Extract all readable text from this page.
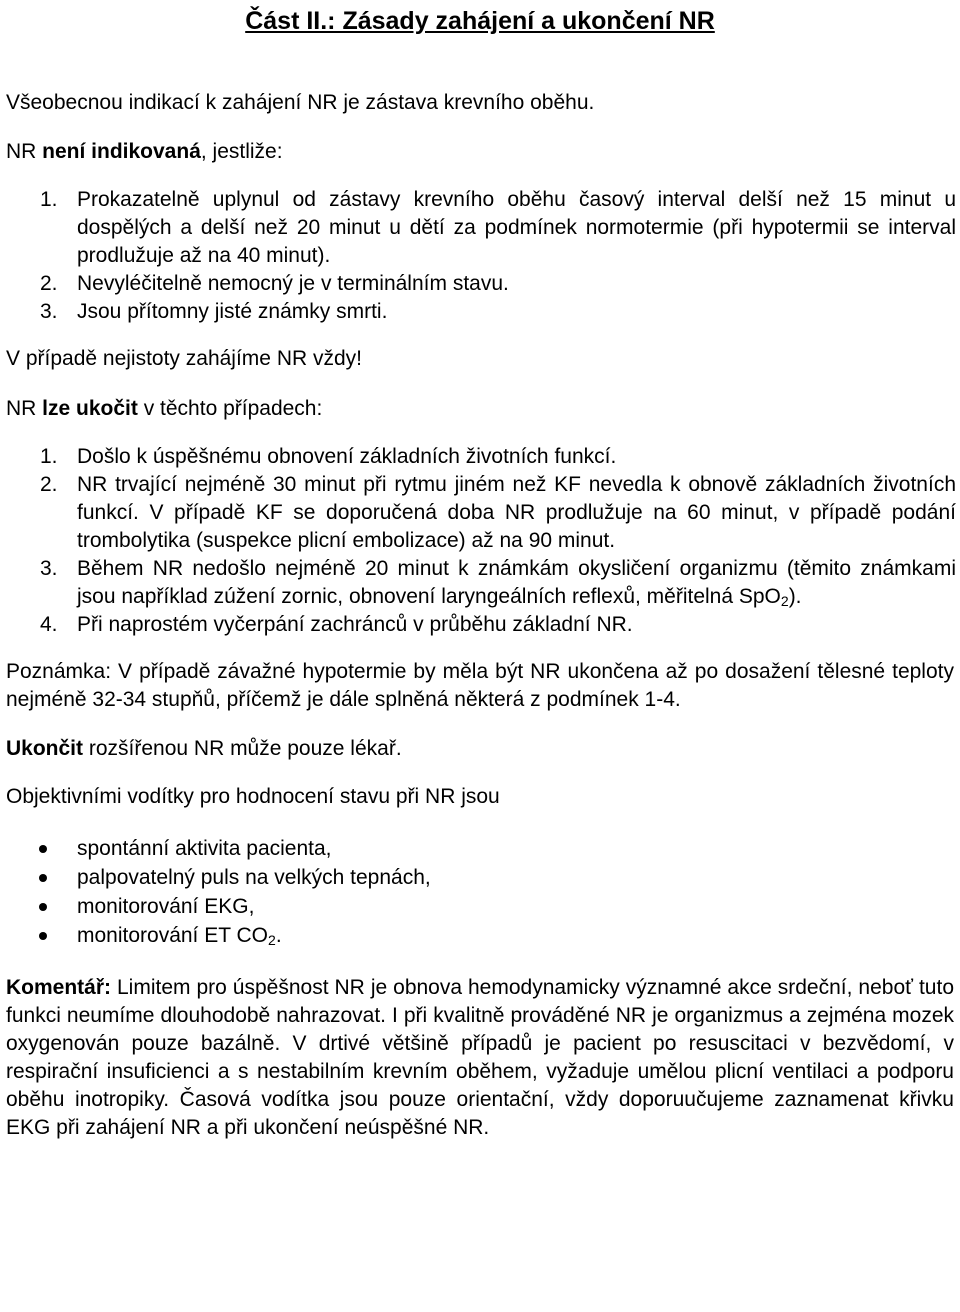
Část II.: Zásady zahájení a ukončení NR

Všeobecnou indikací k zahájení NR je zástava krevního oběhu.

NR není indikovaná, jestliže:

1. Prokazatelně uplynul od zástavy krevního oběhu časový interval delší než 15 minut u dospělých a delší než 20 minut u dětí za podmínek normotermie (při hypotermii se interval prodlužuje až na 40 minut).
2. Nevyléčitelně nemocný je v terminálním stavu.
3. Jsou přítomny jisté známky smrti.

V případě nejistoty zahájíme NR vždy!

NR lze ukočit v těchto případech:

1. Došlo k úspěšnému obnovení základních životních funkcí.
2. NR trvající nejméně 30 minut při rytmu jiném než KF nevedla k obnově základních životních funkcí. V případě KF se doporučená doba NR prodlužuje na 60 minut, v případě podání trombolytika (suspekce plicní embolizace) až na 90 minut.
3. Během NR nedošlo nejméně 20 minut k známkám okysličení organizmu (těmito známkami jsou například zúžení zornic, obnovení laryngeálních reflexů, měřitelná SpO$_2$).
4. Při naprostém vyčerpání zachránců v průběhu základní NR.

Poznámka: V případě závažné hypotermie by měla být NR ukončena až po dosažení tělesné teploty nejméně 32-34 stupňů, příčemž je dále splněná některá z podmínek 1-4.

Ukončit rozšířenou NR může pouze lékař.

Objektivními vodítky pro hodnocení stavu při NR jsou

spontánní aktivita pacienta,
palpovatelný puls na velkých tepnách,
monitorování EKG,
monitorování ET $CO_2$.

Komentář: Limitem pro úspěšnost NR je obnova hemodynamicky významné akce srdeční, neboť tuto funkci neumíme dlouhodobě nahrazovat. I při kvalitně prováděné NR je organizmus a zejména mozek oxygenován pouze bazálně. V drtivé většině případů je pacient po resuscitaci v bezvědomí, v respirační insuficienci a s nestabilním krevním oběhem, vyžaduje umělou plicní ventilaci a podporu oběhu inotropiky. Časová vodítka jsou pouze orientační, vždy doporuučujeme zaznamenat křivku EKG při zahájení NR a při ukončení neúspěšné NR.
